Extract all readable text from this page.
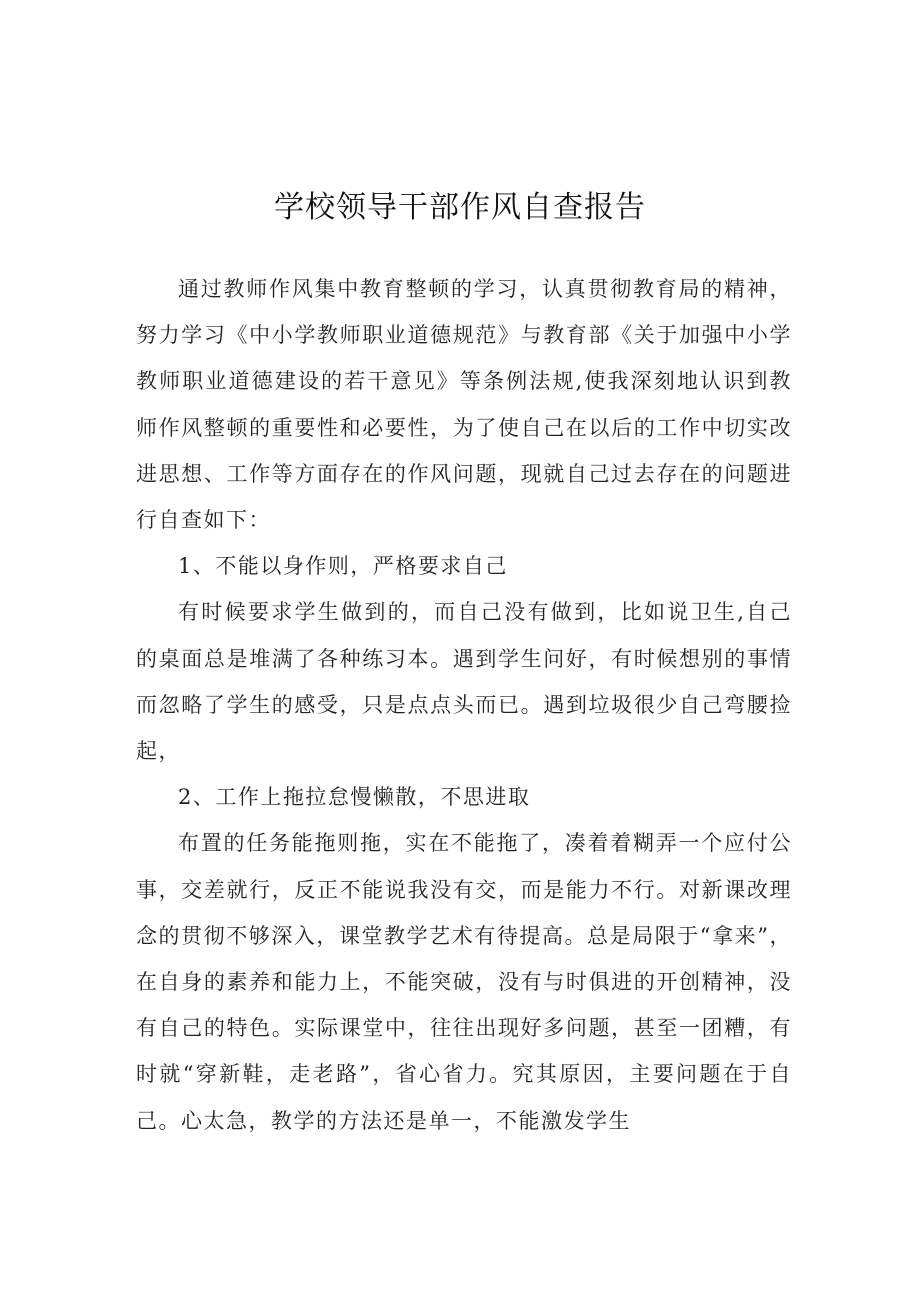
学校领导干部作风自查报告

通过教师作风集中教育整顿的学习，认真贯彻教育局的精神，努力学习《中小学教师职业道德规范》与教育部《关于加强中小学教师职业道德建设的若干意见》等条例法规,使我深刻地认识到教师作风整顿的重要性和必要性，为了使自己在以后的工作中切实改进思想、工作等方面存在的作风问题，现就自己过去存在的问题进行自查如下：

1、不能以身作则，严格要求自己

有时候要求学生做到的，而自己没有做到，比如说卫生,自己的桌面总是堆满了各种练习本。遇到学生问好，有时候想别的事情而忽略了学生的感受，只是点点头而已。遇到垃圾很少自己弯腰捡起，

2、工作上拖拉怠慢懒散，不思进取

布置的任务能拖则拖，实在不能拖了，凑着着糊弄一个应付公事，交差就行，反正不能说我没有交，而是能力不行。对新课改理念的贯彻不够深入，课堂教学艺术有待提高。总是局限于“拿来”，在自身的素养和能力上，不能突破，没有与时俱进的开创精神，没有自己的特色。实际课堂中，往往出现好多问题，甚至一团糟，有时就“穿新鞋，走老路”，省心省力。究其原因，主要问题在于自己。心太急，教学的方法还是单一，不能激发学生
